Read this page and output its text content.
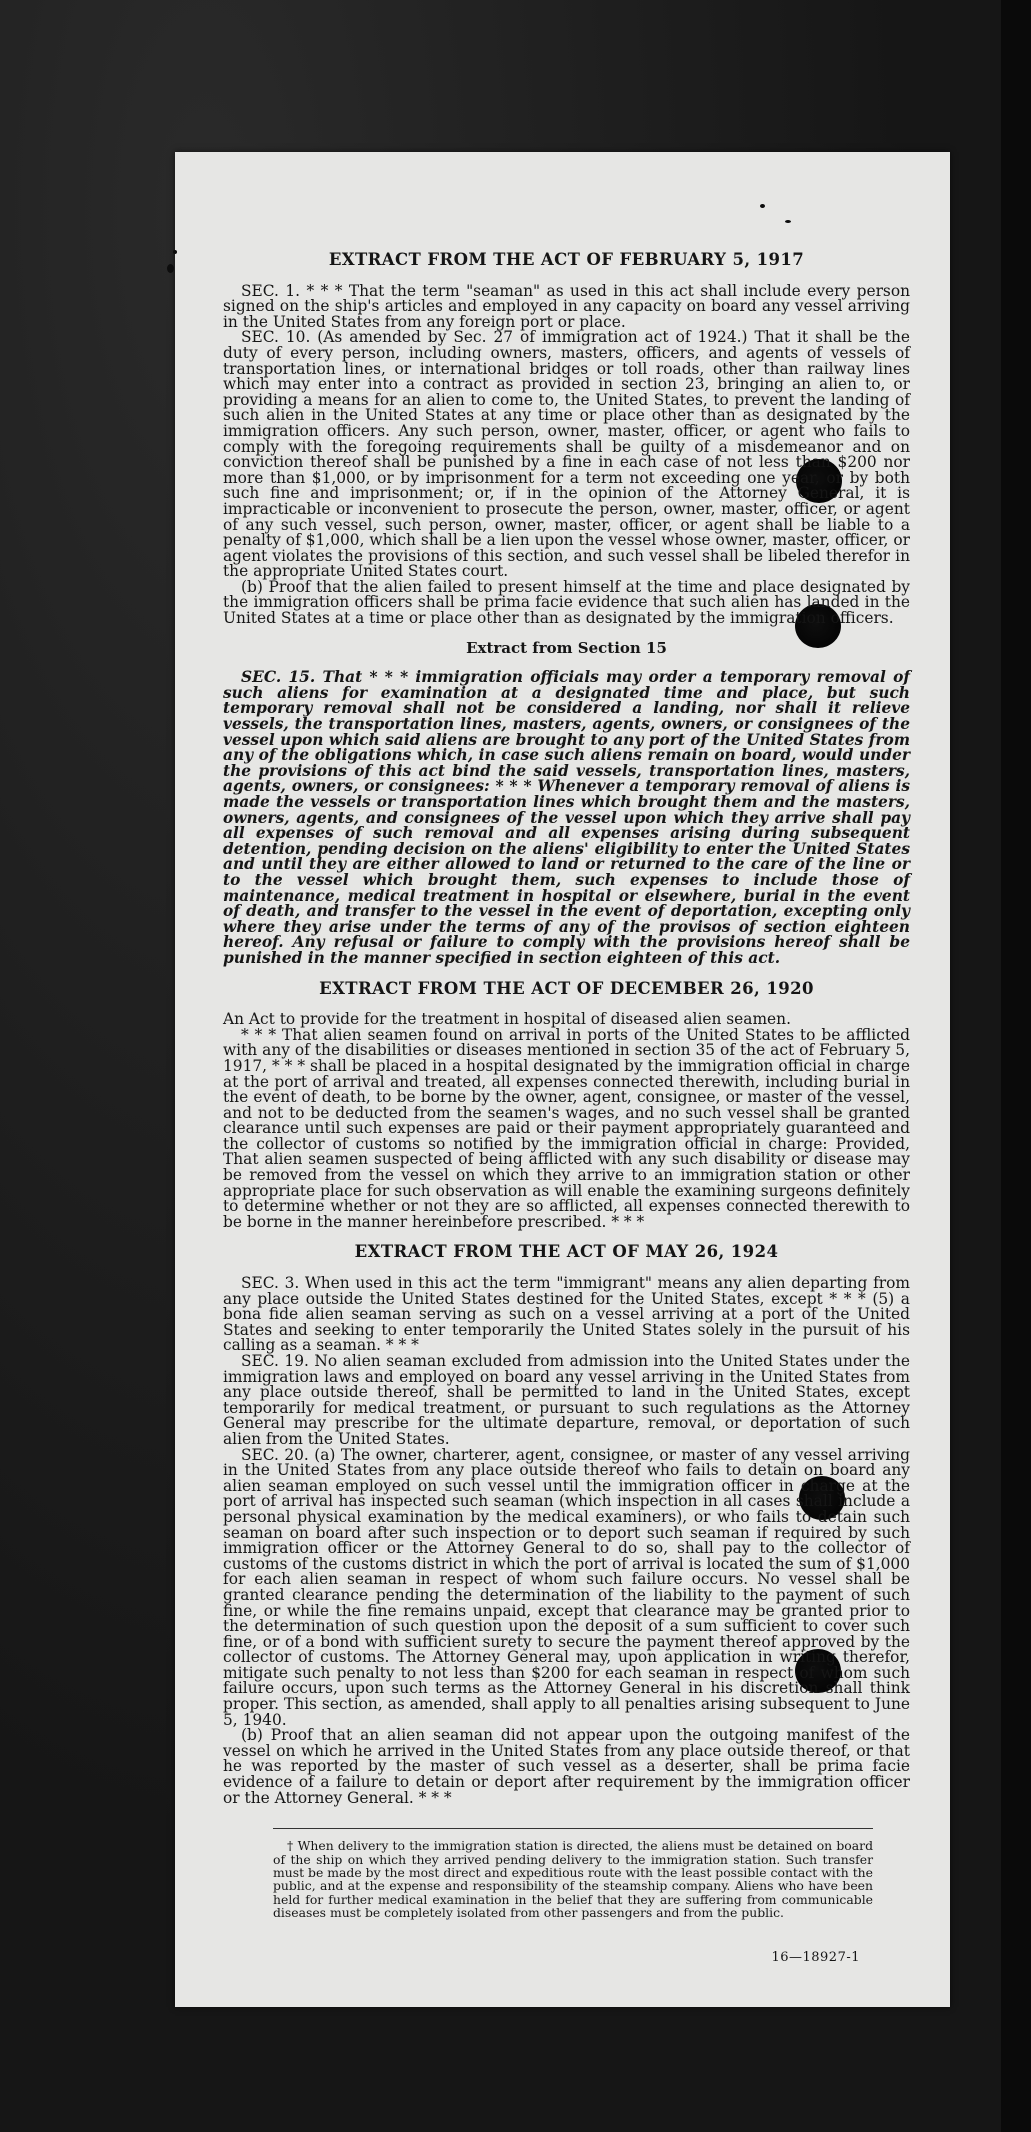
EXTRACT FROM THE ACT OF FEBRUARY 5, 1917

SEC. 1. * * * That the term "seaman" as used in this act shall include every person signed on the ship's articles and employed in any capacity on board any vessel arriving in the United States from any foreign port or place.

SEC. 10. (As amended by Sec. 27 of immigration act of 1924.) That it shall be the duty of every person, including owners, masters, officers, and agents of vessels of transportation lines, or international bridges or toll roads, other than railway lines which may enter into a contract as provided in section 23, bringing an alien to, or providing a means for an alien to come to, the United States, to prevent the landing of such alien in the United States at any time or place other than as designated by the immigration officers. Any such person, owner, master, officer, or agent who fails to comply with the foregoing requirements shall be guilty of a misdemeanor and on conviction thereof shall be punished by a fine in each case of not less than $200 nor more than $1,000, or by imprisonment for a term not exceeding one year, or by both such fine and imprisonment; or, if in the opinion of the Attorney General, it is impracticable or inconvenient to prosecute the person, owner, master, officer, or agent of any such vessel, such person, owner, master, officer, or agent shall be liable to a penalty of $1,000, which shall be a lien upon the vessel whose owner, master, officer, or agent violates the provisions of this section, and such vessel shall be libeled therefor in the appropriate United States court.

(b) Proof that the alien failed to present himself at the time and place designated by the immigration officers shall be prima facie evidence that such alien has landed in the United States at a time or place other than as designated by the immigration officers.

Extract from Section 15

SEC. 15. That * * * immigration officials may order a temporary removal of such aliens for examination at a designated time and place, but such temporary removal shall not be considered a landing, nor shall it relieve vessels, the transportation lines, masters, agents, owners, or consignees of the vessel upon which said aliens are brought to any port of the United States from any of the obligations which, in case such aliens remain on board, would under the provisions of this act bind the said vessels, transportation lines, masters, agents, owners, or consignees: * * * Whenever a temporary removal of aliens is made the vessels or transportation lines which brought them and the masters, owners, agents, and consignees of the vessel upon which they arrive shall pay all expenses of such removal and all expenses arising during subsequent detention, pending decision on the aliens' eligibility to enter the United States and until they are either allowed to land or returned to the care of the line or to the vessel which brought them, such expenses to include those of maintenance, medical treatment in hospital or elsewhere, burial in the event of death, and transfer to the vessel in the event of deportation, excepting only where they arise under the terms of any of the provisos of section eighteen hereof. Any refusal or failure to comply with the provisions hereof shall be punished in the manner specified in section eighteen of this act.

EXTRACT FROM THE ACT OF DECEMBER 26, 1920

An Act to provide for the treatment in hospital of diseased alien seamen.

* * * That alien seamen found on arrival in ports of the United States to be afflicted with any of the disabilities or diseases mentioned in section 35 of the act of February 5, 1917, * * * shall be placed in a hospital designated by the immigration official in charge at the port of arrival and treated, all expenses connected therewith, including burial in the event of death, to be borne by the owner, agent, consignee, or master of the vessel, and not to be deducted from the seamen's wages, and no such vessel shall be granted clearance until such expenses are paid or their payment appropriately guaranteed and the collector of customs so notified by the immigration official in charge: Provided, That alien seamen suspected of being afflicted with any such disability or disease may be removed from the vessel on which they arrive to an immigration station or other appropriate place for such observation as will enable the examining surgeons definitely to determine whether or not they are so afflicted, all expenses connected therewith to be borne in the manner hereinbefore prescribed. * * *

EXTRACT FROM THE ACT OF MAY 26, 1924

SEC. 3. When used in this act the term "immigrant" means any alien departing from any place outside the United States destined for the United States, except * * * (5) a bona fide alien seaman serving as such on a vessel arriving at a port of the United States and seeking to enter temporarily the United States solely in the pursuit of his calling as a seaman. * * *

SEC. 19. No alien seaman excluded from admission into the United States under the immigration laws and employed on board any vessel arriving in the United States from any place outside thereof, shall be permitted to land in the United States, except temporarily for medical treatment, or pursuant to such regulations as the Attorney General may prescribe for the ultimate departure, removal, or deportation of such alien from the United States.

SEC. 20. (a) The owner, charterer, agent, consignee, or master of any vessel arriving in the United States from any place outside thereof who fails to detain on board any alien seaman employed on such vessel until the immigration officer in charge at the port of arrival has inspected such seaman (which inspection in all cases shall include a personal physical examination by the medical examiners), or who fails to detain such seaman on board after such inspection or to deport such seaman if required by such immigration officer or the Attorney General to do so, shall pay to the collector of customs of the customs district in which the port of arrival is located the sum of $1,000 for each alien seaman in respect of whom such failure occurs. No vessel shall be granted clearance pending the determination of the liability to the payment of such fine, or while the fine remains unpaid, except that clearance may be granted prior to the determination of such question upon the deposit of a sum sufficient to cover such fine, or of a bond with sufficient surety to secure the payment thereof approved by the collector of customs. The Attorney General may, upon application in writing therefor, mitigate such penalty to not less than $200 for each seaman in respect of whom such failure occurs, upon such terms as the Attorney General in his discretion shall think proper. This section, as amended, shall apply to all penalties arising subsequent to June 5, 1940.

(b) Proof that an alien seaman did not appear upon the outgoing manifest of the vessel on which he arrived in the United States from any place outside thereof, or that he was reported by the master of such vessel as a deserter, shall be prima facie evidence of a failure to detain or deport after requirement by the immigration officer or the Attorney General. * * *

† When delivery to the immigration station is directed, the aliens must be detained on board of the ship on which they arrived pending delivery to the immigration station. Such transfer must be made by the most direct and expeditious route with the least possible contact with the public, and at the expense and responsibility of the steamship company. Aliens who have been held for further medical examination in the belief that they are suffering from communicable diseases must be completely isolated from other passengers and from the public.

16—18927-1
